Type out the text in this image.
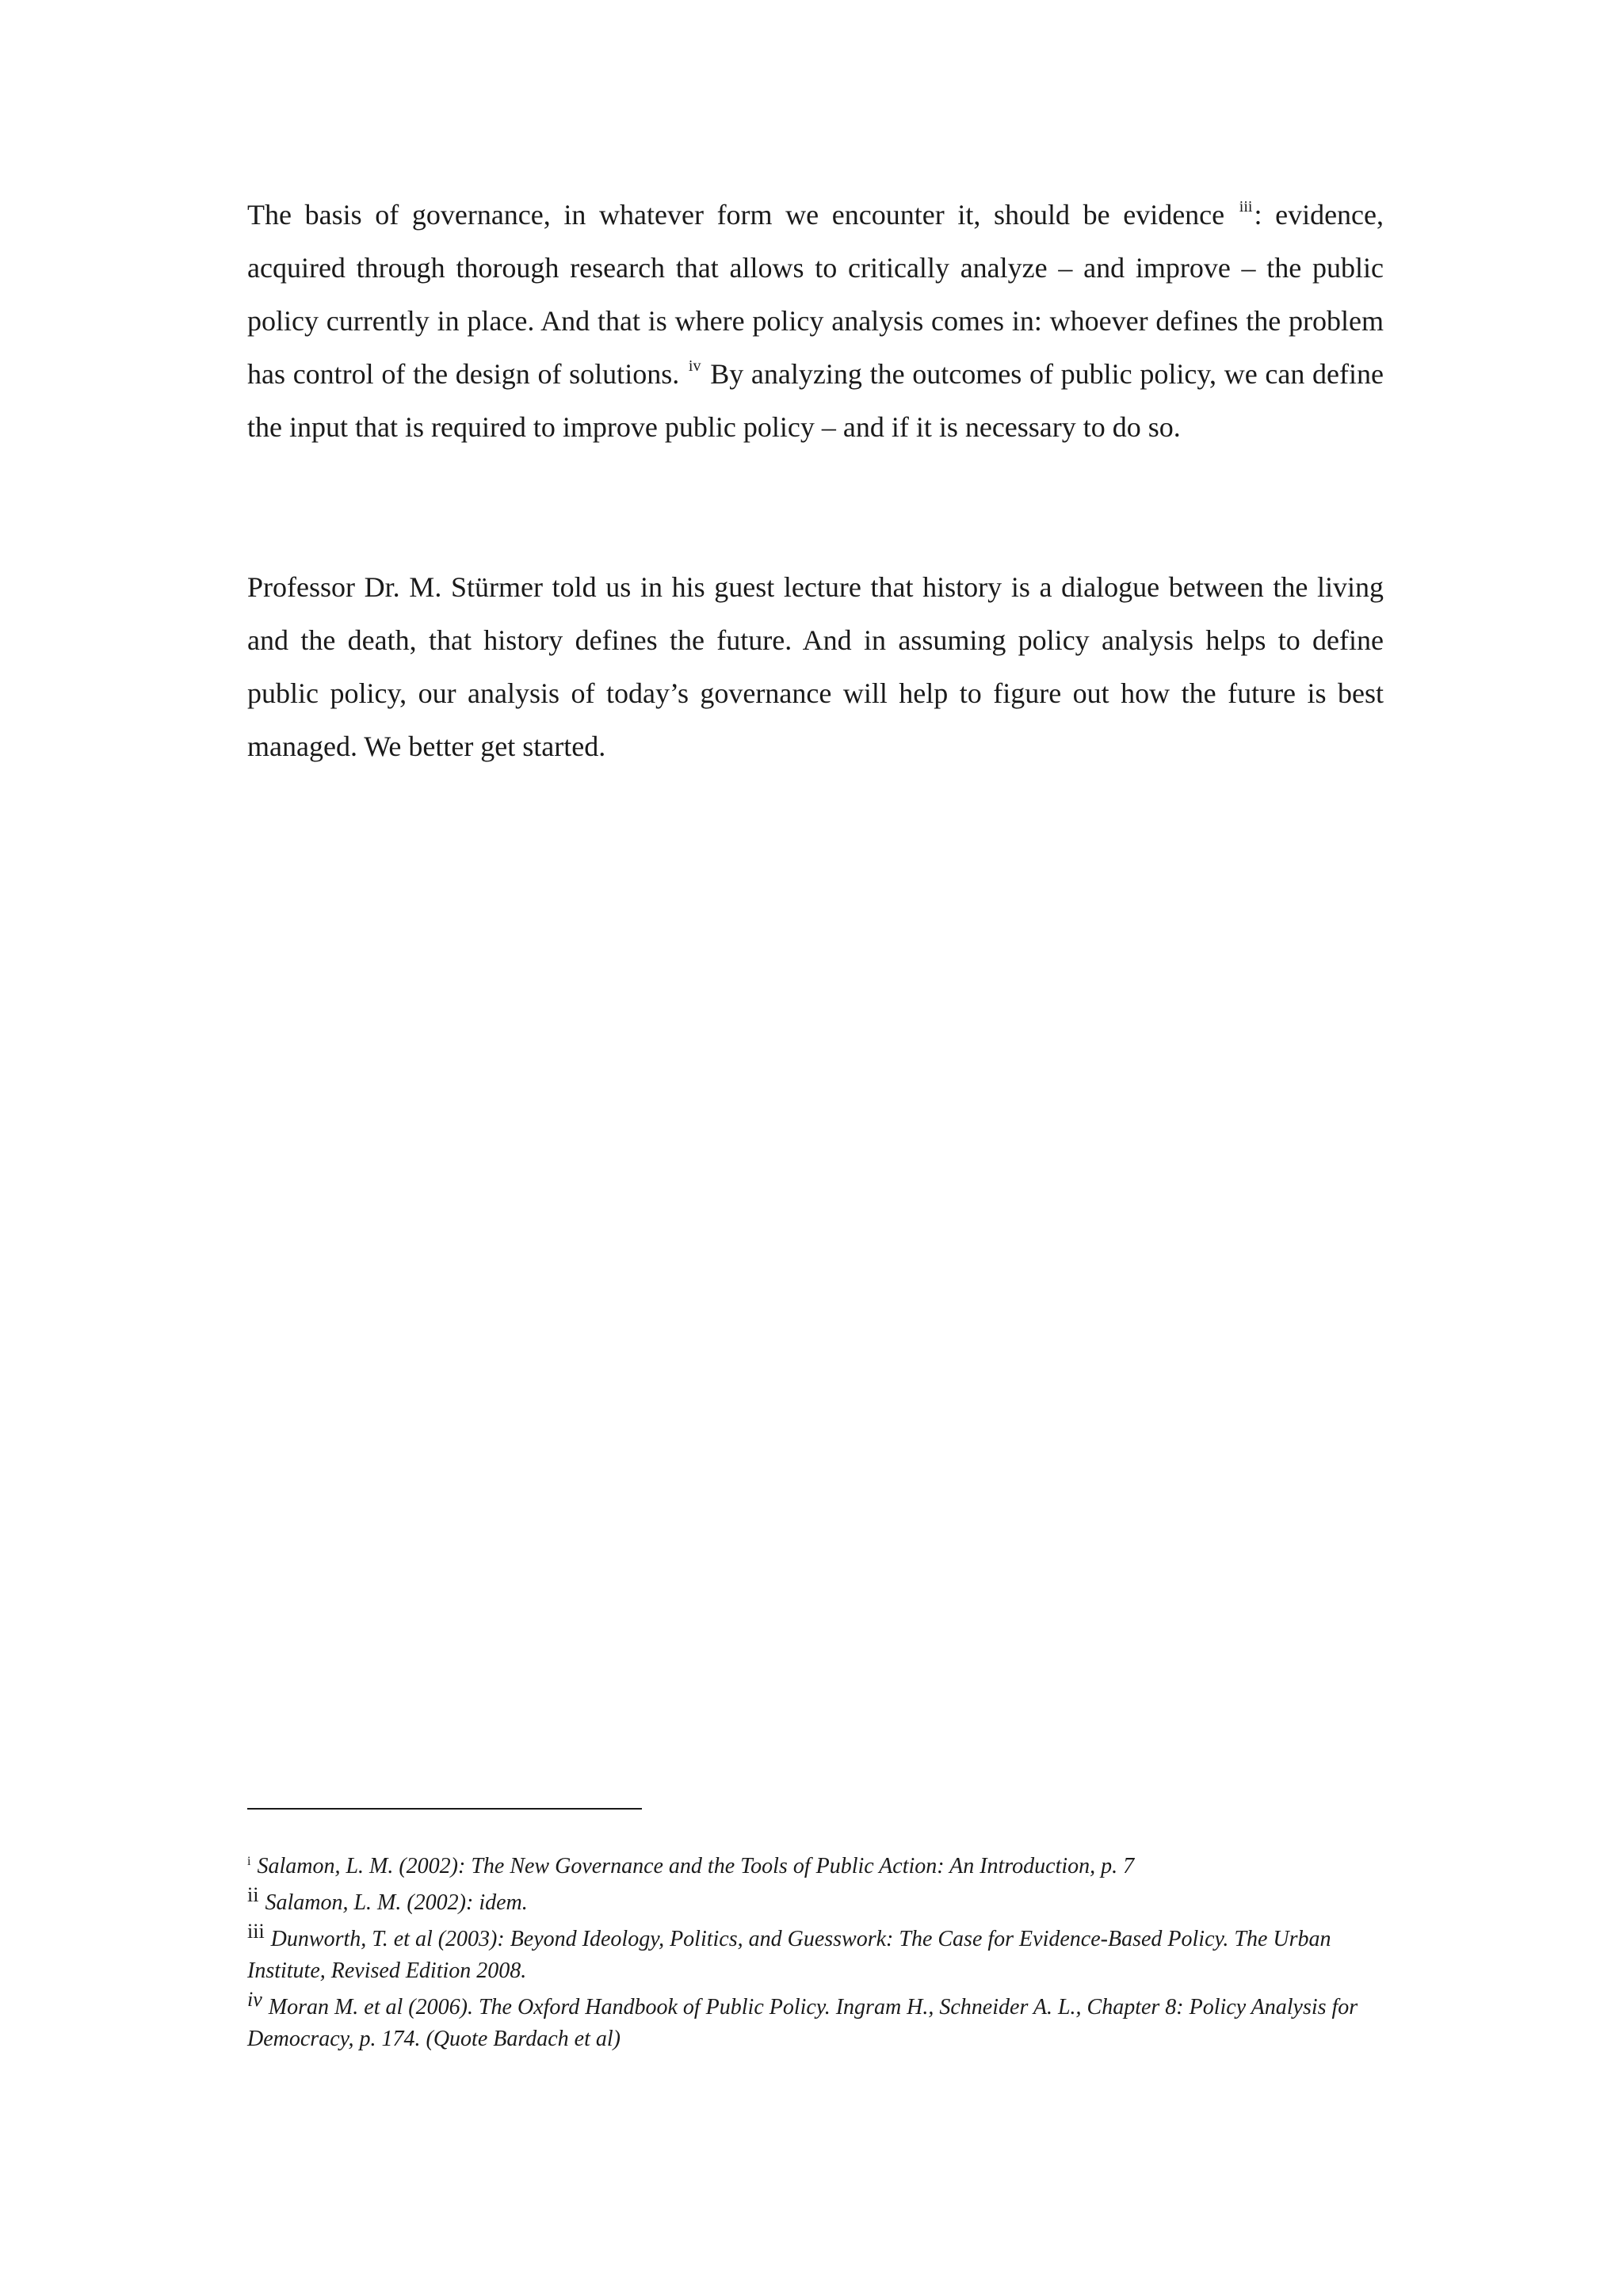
The basis of governance, in whatever form we encounter it, should be evidence $^{iii}$: evidence, acquired through thorough research that allows to critically analyze – and improve – the public policy currently in place. And that is where policy analysis comes in: whoever defines the problem has control of the design of solutions. $^{iv}$ By analyzing the outcomes of public policy, we can define the input that is required to improve public policy – and if it is necessary to do so.

Professor Dr. M. Stürmer told us in his guest lecture that history is a dialogue between the living and the death, that history defines the future. And in assuming policy analysis helps to define public policy, our analysis of today’s governance will help to figure out how the future is best managed. We better get started.

$^i$ Salamon, L. M. (2002): The New Governance and the Tools of Public Action: An Introduction, p. 7

$^{ii}$ Salamon, L. M. (2002): idem.

$^{iii}$ Dunworth, T. et al (2003): Beyond Ideology, Politics, and Guesswork: The Case for Evidence-Based Policy. The Urban Institute, Revised Edition 2008.

$^{iv}$ Moran M. et al (2006). The Oxford Handbook of Public Policy. Ingram H., Schneider A. L., Chapter 8: Policy Analysis for Democracy, p. 174. (Quote Bardach et al)
